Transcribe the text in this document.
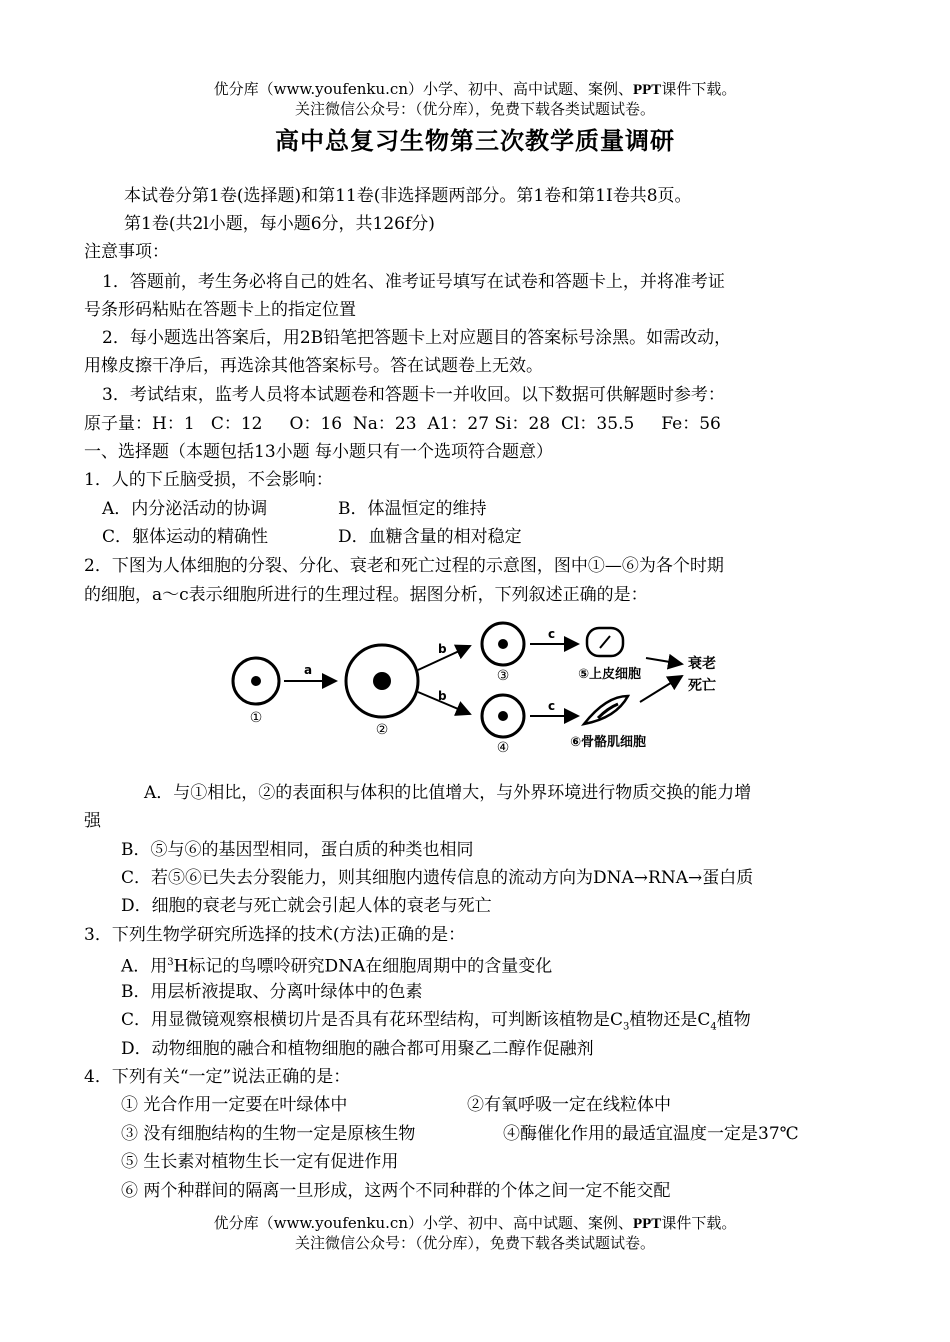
优分库（www.youfenku.cn）小学、初中、高中试题、案例、PPT课件下载。
关注微信公众号：（优分库），免费下载各类试题试卷。
高中总复习生物第三次教学质量调研
本试卷分第1卷(选择题)和第11卷(非选择题两部分。第1卷和第1I卷共8页。
第1卷(共2l小题，每小题6分，共126f分)
注意事项：
1．答题前，考生务必将自己的姓名、准考证号填写在试卷和答题卡上，并将准考证
号条形码粘贴在答题卡上的指定位置
2．每小题选出答案后，用2B铅笔把答题卡上对应题目的答案标号涂黑。如需改动，
用橡皮擦干净后，再选涂其他答案标号。答在试题卷上无效。
3．考试结束，监考人员将本试题卷和答题卡一并收回。以下数据可供解题时参考：
原子量：H：1   C：12     O：16  Na：23  A1：27 Si：28  Cl：35.5     Fe：56
一、选择题（本题包括13小题 每小题只有一个选项符合题意）
1．人的下丘脑受损，不会影响：
A．内分泌活动的协调	B．体温恒定的维持
C．躯体运动的精确性	D．血糖含量的相对稳定
2．下图为人体细胞的分裂、分化、衰老和死亡过程的示意图，图中①—⑥为各个时期
的细胞，a～c表示细胞所进行的生理过程。据图分析，下列叙述正确的是：
①
a
②
b
b
③
④
c
c
⑤上皮细胞
⑥骨骼肌细胞
衰老
死亡
A．与①相比，②的表面积与体积的比值增大，与外界环境进行物质交换的能力增
强
B．⑤与⑥的基因型相同，蛋白质的种类也相同
C．若⑤⑥已失去分裂能力，则其细胞内遗传信息的流动方向为DNA→RNA→蛋白质
D．细胞的衰老与死亡就会引起人体的衰老与死亡
3．下列生物学研究所选择的技术(方法)正确的是：
A．用$^3$H标记的鸟嘌呤研究DNA在细胞周期中的含量变化
B．用层析液提取、分离叶绿体中的色素
C．用显微镜观察根横切片是否具有花环型结构，可判断该植物是$C_3$植物还是$C_4$植物
D．动物细胞的融合和植物细胞的融合都可用聚乙二醇作促融剂
4．下列有关“一定”说法正确的是：
① 光合作用一定要在叶绿体中	②有氧呼吸一定在线粒体中
③ 没有细胞结构的生物一定是原核生物	④酶催化作用的最适宜温度一定是37℃
⑤ 生长素对植物生长一定有促进作用
⑥ 两个种群间的隔离一旦形成，这两个不同种群的个体之间一定不能交配
优分库（www.youfenku.cn）小学、初中、高中试题、案例、PPT课件下载。
关注微信公众号：（优分库），免费下载各类试题试卷。
